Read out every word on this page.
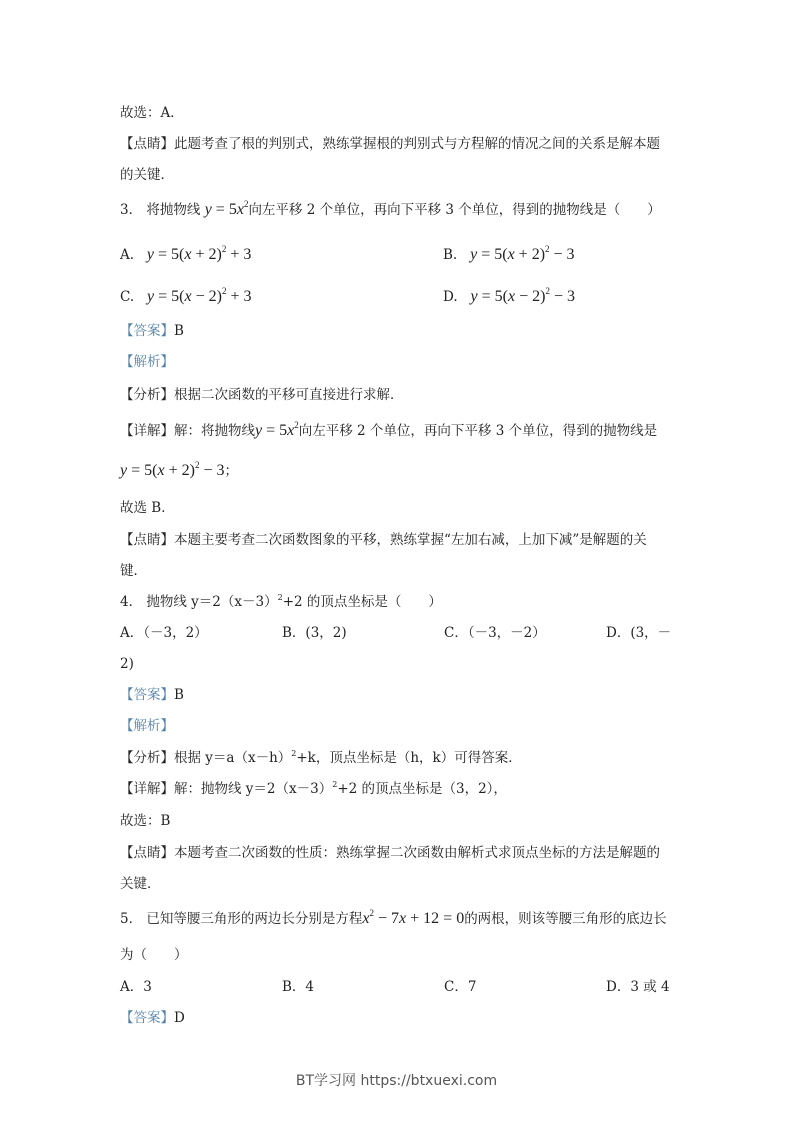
故选：A．
【点睛】此题考查了根的判别式，熟练掌握根的判别式与方程解的情况之间的关系是解本题
的关键．
3． 将抛物线 $y = 5x^2$向左平移 2 个单位，再向下平移 3 个单位，得到的抛物线是（　　）
A. $y = 5(x + 2)^2 + 3$	B. $y = 5(x + 2)^2 - 3$
C. $y = 5(x - 2)^2 + 3$	D. $y = 5(x - 2)^2 - 3$
【答案】B
【解析】
【分析】根据二次函数的平移可直接进行求解．
【详解】解：将抛物线$y = 5x^2$向左平移 2 个单位，再向下平移 3 个单位，得到的抛物线是
$y = 5(x + 2)^2 - 3$；
故选 B．
【点睛】本题主要考查二次函数图象的平移，熟练掌握“左加右减，上加下减”是解题的关
键．
4． 抛物线 $y=2(x-3)^2+2$ 的顶点坐标是（　　）
A．（－3，2）	B．(3，2)	C．（－3，－2）	D．(3，－
2)
【答案】B
【解析】
【分析】根据 $y=a(x-h)^2+k$，顶点坐标是（h，k）可得答案．
【详解】解：抛物线 $y=2(x-3)^2+2$ 的顶点坐标是（3，2），
故选：B
【点睛】本题考查二次函数的性质：熟练掌握二次函数由解析式求顶点坐标的方法是解题的
关键．
5． 已知等腰三角形的两边长分别是方程$x^2 - 7x + 12 = 0$的两根，则该等腰三角形的底边长
为（　　）
A．3	B．4	C．7	D．3 或 4
【答案】D
BT学习网 https://btxuexi.com
